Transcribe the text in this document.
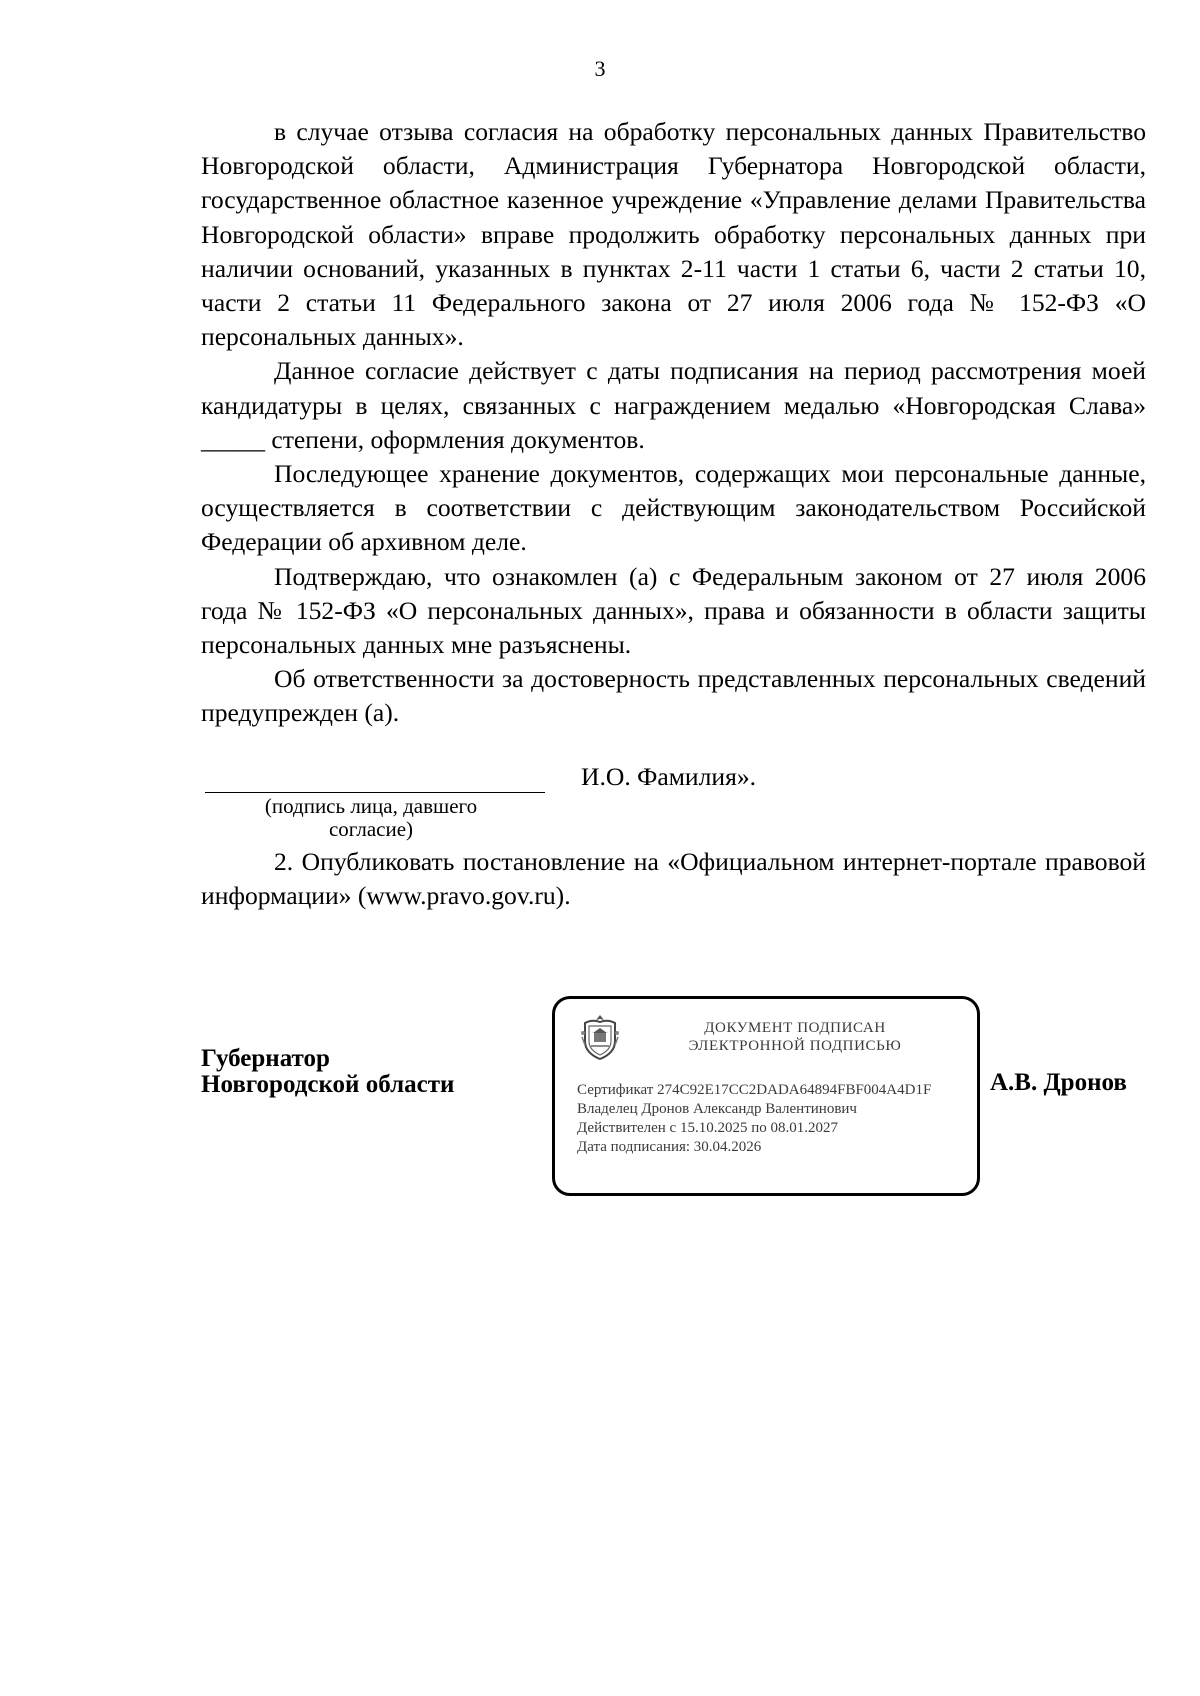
3

в случае отзыва согласия на обработку персональных данных Правительство Новгородской области, Администрация Губернатора Новгородской области, государственное областное казенное учреждение «Управление делами Правительства Новгородской области» вправе продолжить обработку персональных данных при наличии оснований, указанных в пунктах 2-11 части 1 статьи 6, части 2 статьи 10, части 2 статьи 11 Федерального закона от 27 июля 2006 года № 152-ФЗ «О персональных данных».

Данное согласие действует с даты подписания на период рассмотрения моей кандидатуры в целях, связанных с награждением медалью «Новгородская Слава» _____ степени, оформления документов.

Последующее хранение документов, содержащих мои персональные данные, осуществляется в соответствии с действующим законодательством Российской Федерации об архивном деле.

Подтверждаю, что ознакомлен (а) с Федеральным законом от 27 июля 2006 года № 152-ФЗ «О персональных данных», права и обязанности в области защиты персональных данных мне разъяснены.

Об ответственности за достоверность представленных персональных сведений предупрежден (а).

И.О. Фамилия».
(подпись лица, давшего
согласие)
2. Опубликовать постановление на «Официальном интернет-портале правовой информации» (www.pravo.gov.ru).
Губернатор
Новгородской области
ДОКУМЕНТ ПОДПИСАН
ЭЛЕКТРОННОЙ ПОДПИСЬЮ
Сертификат 274C92E17CC2DADA64894FBF004A4D1F
Владелец Дронов Александр Валентинович
Действителен с 15.10.2025 по 08.01.2027
Дата подписания: 30.04.2026
А.В. Дронов
